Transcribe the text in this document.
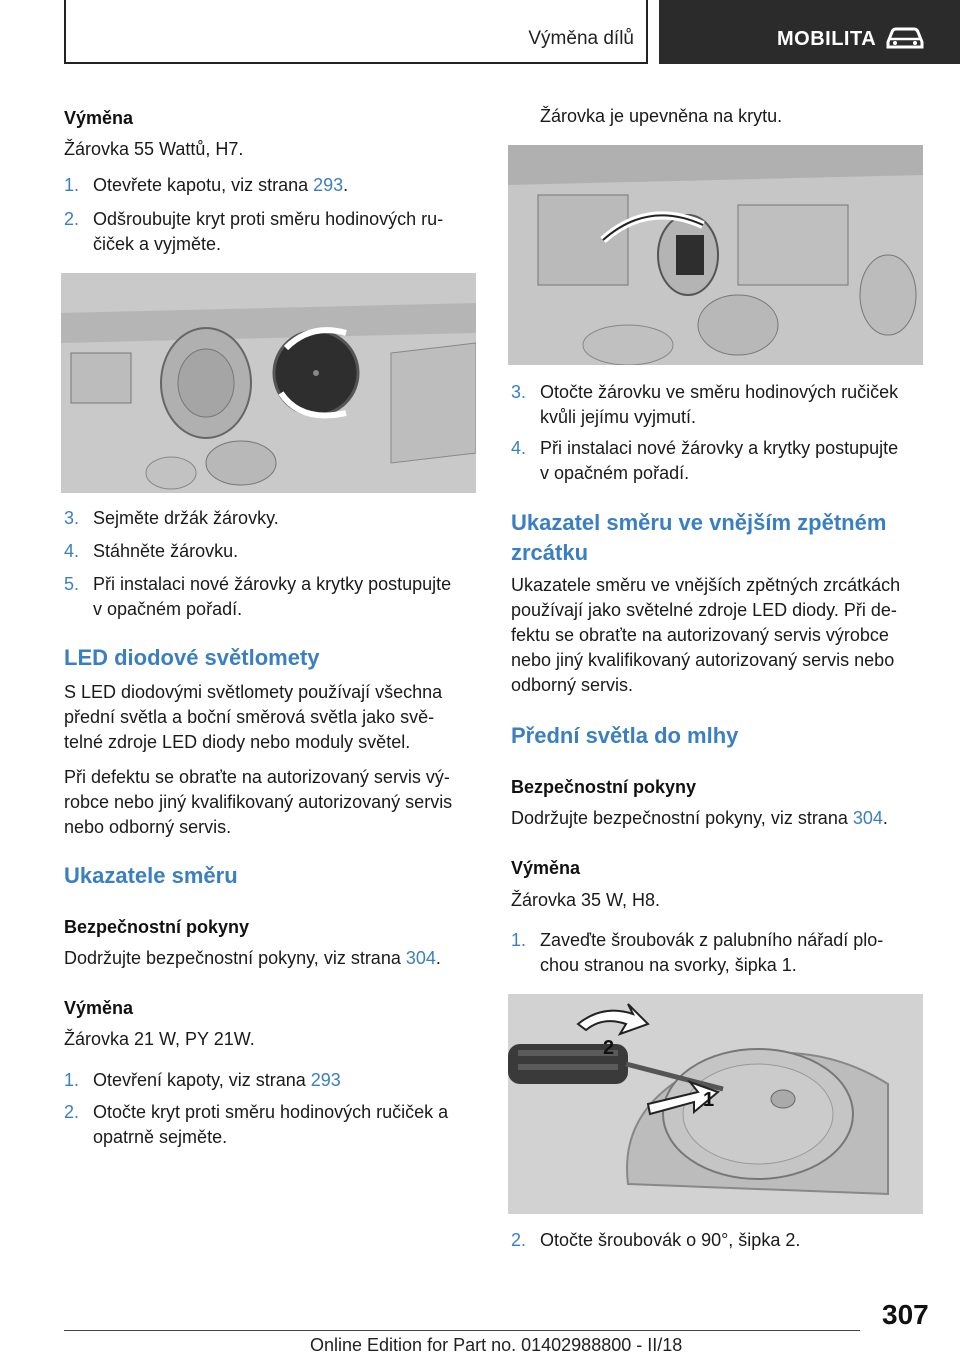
Výměna dílů	MOBILITA
Výměna
Žárovka 55 Wattů, H7.
1. Otevřete kapotu, viz strana 293.
2. Odšroubujte kryt proti směru hodinových ru‐
čiček a vyjměte.
3. Sejměte držák žárovky.
4. Stáhněte žárovku.
5. Při instalaci nové žárovky a krytky postupujte
v opačném pořadí.
LED diodové světlomety
S LED diodovými světlomety používají všechna
přední světla a boční směrová světla jako svě‐
telné zdroje LED diody nebo moduly světel.
Při defektu se obraťte na autorizovaný servis vý‐
robce nebo jiný kvalifikovaný autorizovaný servis
nebo odborný servis.
Ukazatele směru
Bezpečnostní pokyny
Dodržujte bezpečnostní pokyny, viz strana 304.
Výměna
Žárovka 21 W, PY 21W.
1. Otevření kapoty, viz strana 293
2. Otočte kryt proti směru hodinových ručiček a
opatrně sejměte.
Žárovka je upevněna na krytu.
3. Otočte žárovku ve směru hodinových ručiček
kvůli jejímu vyjmutí.
4. Při instalaci nové žárovky a krytky postupujte
v opačném pořadí.
Ukazatel směru ve vnějším zpětném
zrcátku
Ukazatele směru ve vnějších zpětných zrcátkách
používají jako světelné zdroje LED diody. Při de‐
fektu se obraťte na autorizovaný servis výrobce
nebo jiný kvalifikovaný autorizovaný servis nebo
odborný servis.
Přední světla do mlhy
Bezpečnostní pokyny
Dodržujte bezpečnostní pokyny, viz strana 304.
Výměna
Žárovka 35 W, H8.
1. Zaveďte šroubovák z palubního nářadí plo‐
chou stranou na svorky, šipka 1.
1
2
2. Otočte šroubovák o 90°, šipka 2.
307
Online Edition for Part no. 01402988800 - II/18
